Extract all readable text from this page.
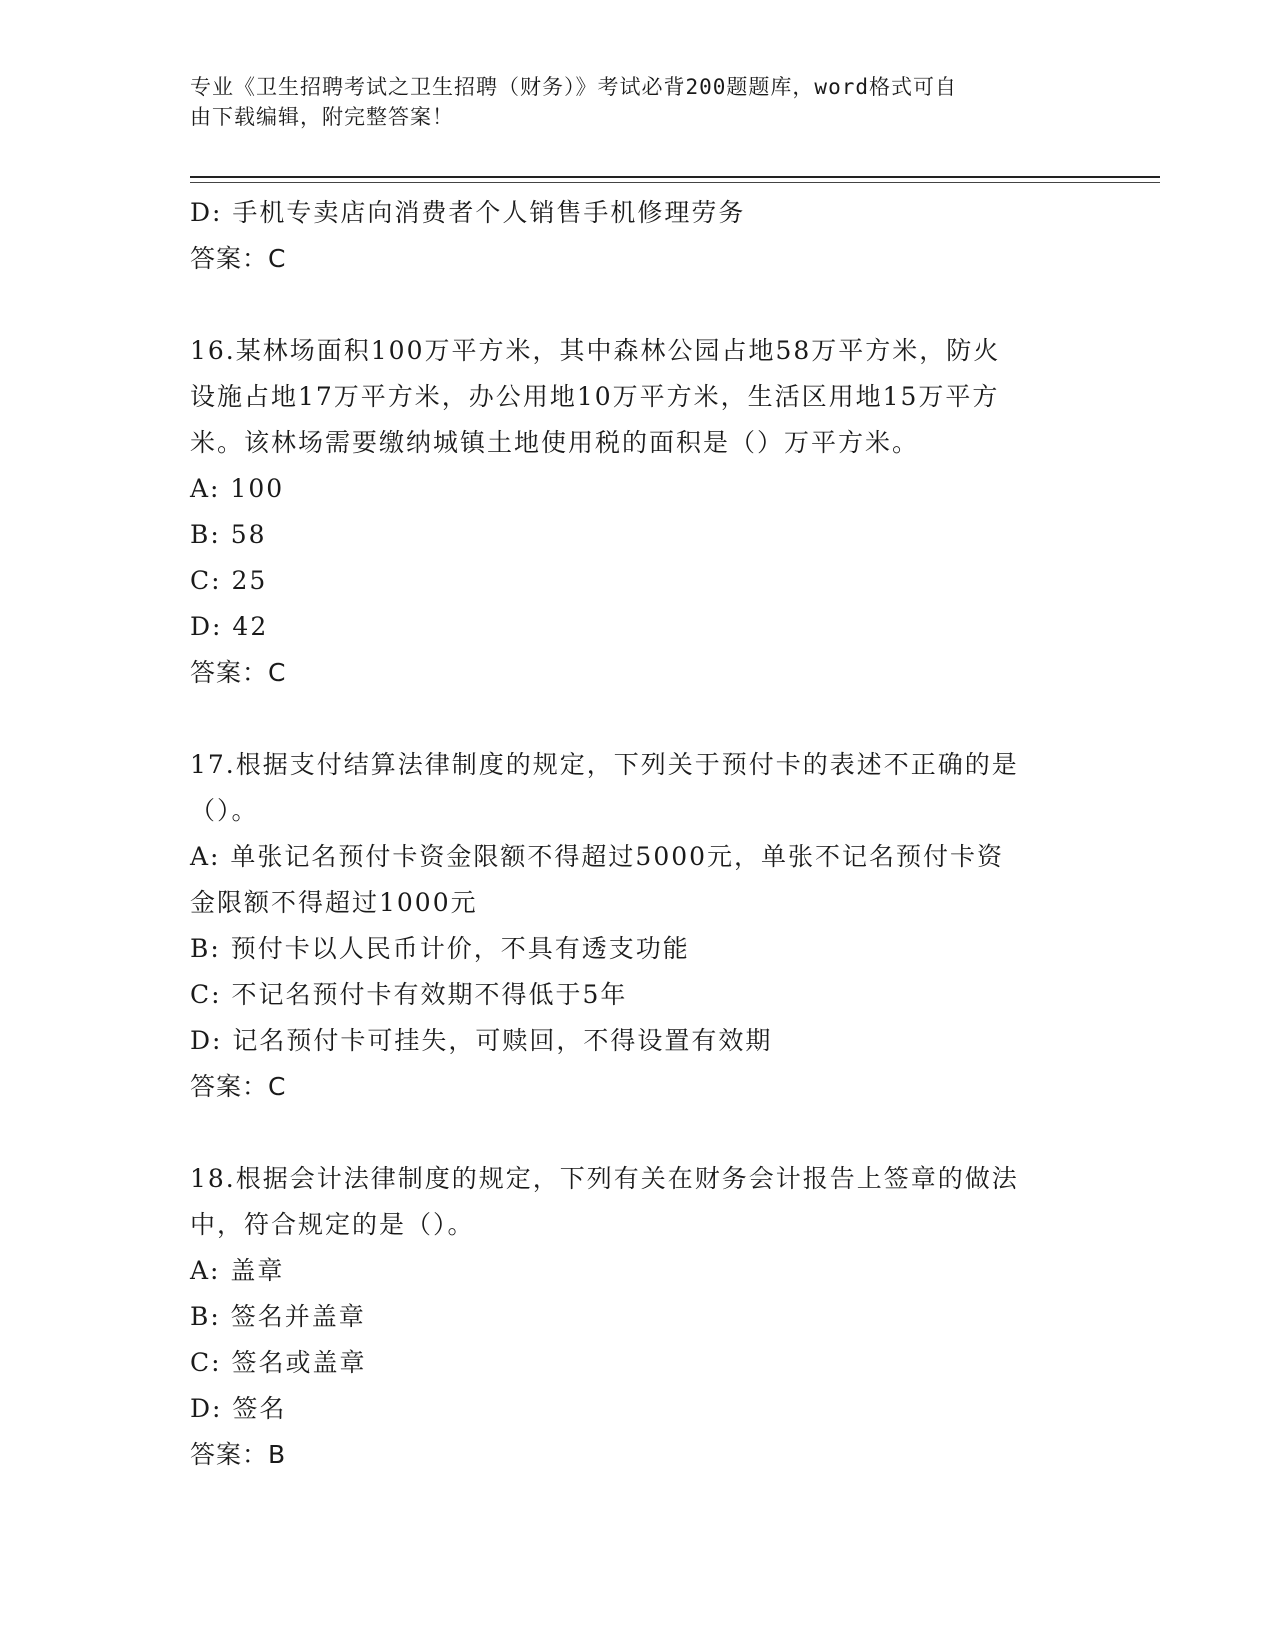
专业《卫生招聘考试之卫生招聘（财务）》考试必背200题题库，word格式可自
由下载编辑，附完整答案！
D: 手机专卖店向消费者个人销售手机修理劳务
答案：C
16.某林场面积100万平方米，其中森林公园占地58万平方米，防火
设施占地17万平方米，办公用地10万平方米，生活区用地15万平方
米。该林场需要缴纳城镇土地使用税的面积是（）万平方米。
A: 100
B: 58
C: 25
D: 42
答案：C
17.根据支付结算法律制度的规定，下列关于预付卡的表述不正确的是
（）。
A: 单张记名预付卡资金限额不得超过5000元，单张不记名预付卡资
金限额不得超过1000元
B: 预付卡以人民币计价，不具有透支功能
C: 不记名预付卡有效期不得低于5年
D: 记名预付卡可挂失，可赎回，不得设置有效期
答案：C
18.根据会计法律制度的规定，下列有关在财务会计报告上签章的做法
中，符合规定的是（）。
A: 盖章
B: 签名并盖章
C: 签名或盖章
D: 签名
答案：B
